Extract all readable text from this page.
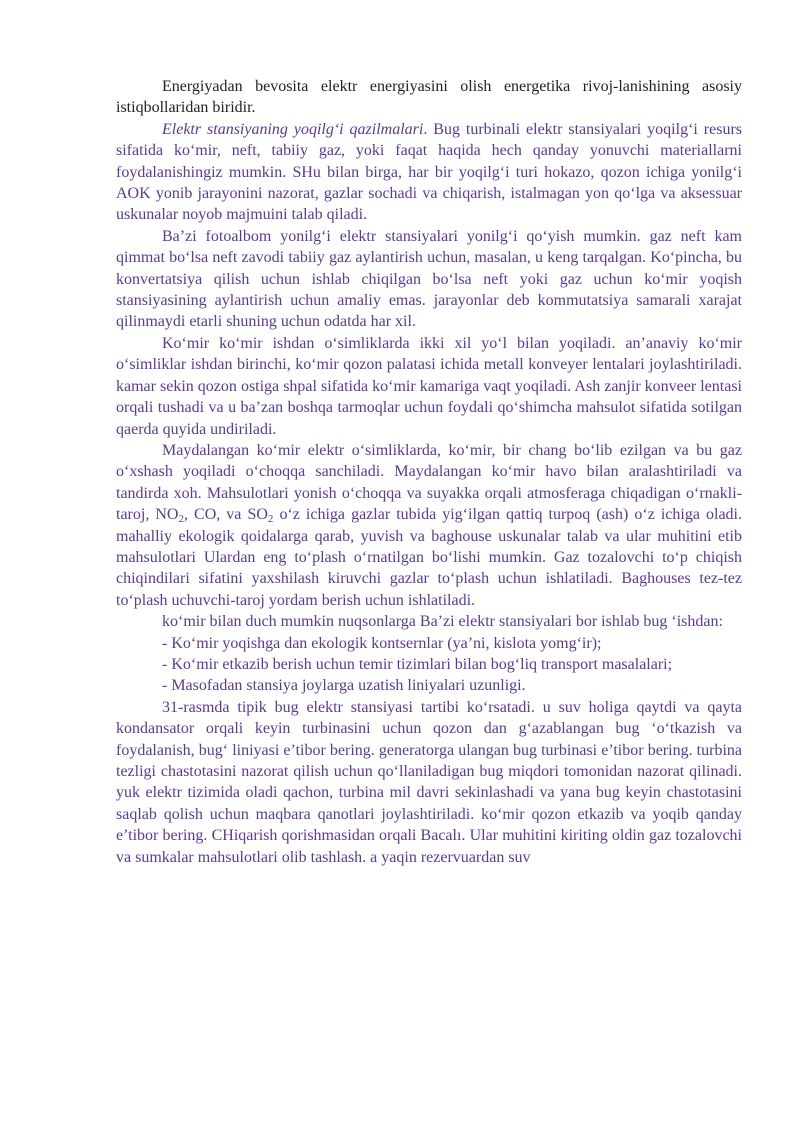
Energiyadan bevosita elektr energiyasini olish energetika rivoj-lanishining asosiy istiqbollaridan biridir.

Elektr stansiyaning yoqilg‘i qazilmalari. Bug turbinali elektr stansiyalari yoqilg‘i resurs sifatida ko‘mir, neft, tabiiy gaz, yoki faqat haqida hech qanday yonuvchi materiallarni foydalanishingiz mumkin. SHu bilan birga, har bir yoqilg‘i turi hokazo, qozon ichiga yonilg‘i AOK yonib jarayonini nazorat, gazlar sochadi va chiqarish, istalmagan yon qo‘lga va aksessuar uskunalar noyob majmuini talab qiladi.

Ba’zi fotoalbom yonilg‘i elektr stansiyalari yonilg‘i qo‘yish mumkin. gaz neft kam qimmat bo‘lsa neft zavodi tabiiy gaz aylantirish uchun, masalan, u keng tarqalgan. Ko‘pincha, bu konvertatsiya qilish uchun ishlab chiqilgan bo‘lsa neft yoki gaz uchun ko‘mir yoqish stansiyasining aylantirish uchun amaliy emas. jarayonlar deb kommutatsiya samarali xarajat qilinmaydi etarli shuning uchun odatda har xil.

Ko‘mir ko‘mir ishdan o‘simliklarda ikki xil yo‘l bilan yoqiladi. an’anaviy ko‘mir o‘simliklar ishdan birinchi, ko‘mir qozon palatasi ichida metall konveyer lentalari joylashtiriladi. kamar sekin qozon ostiga shpal sifatida ko‘mir kamariga vaqt yoqiladi. Ash zanjir konveer lentasi orqali tushadi va u ba’zan boshqa tarmoqlar uchun foydali qo‘shimcha mahsulot sifatida sotilgan qaerda quyida undiriladi.

Maydalangan ko‘mir elektr o‘simliklarda, ko‘mir, bir chang bo‘lib ezilgan va bu gaz o‘xshash yoqiladi o‘choqqa sanchiladi. Maydalangan ko‘mir havo bilan aralashtiriladi va tandirda xoh. Mahsulotlari yonish o‘choqqa va suyakka orqali atmosferaga chiqadigan o‘rnakli-taroj, $NO_2$, CO, va $SO_2$ o‘z ichiga gazlar tubida yig‘ilgan qattiq turpoq (ash) o‘z ichiga oladi. mahalliy ekologik qoidalarga qarab, yuvish va baghouse uskunalar talab va ular muhitini etib mahsulotlari Ulardan eng to‘plash o‘rnatilgan bo‘lishi mumkin. Gaz tozalovchi to‘p chiqish chiqindilari sifatini yaxshilash kiruvchi gazlar to‘plash uchun ishlatiladi. Baghouses tez-tez to‘plash uchuvchi-taroj yordam berish uchun ishlatiladi.

ko‘mir bilan duch mumkin nuqsonlarga Ba’zi elektr stansiyalari bor ishlab bug ‘ishdan:

- Ko‘mir yoqishga dan ekologik kontsernlar (ya’ni, kislota yomg‘ir);

- Ko‘mir etkazib berish uchun temir tizimlari bilan bog‘liq transport masalalari;

- Masofadan stansiya joylarga uzatish liniyalari uzunligi.

31-rasmda tipik bug elektr stansiyasi tartibi ko‘rsatadi. u suv holiga qaytdi va qayta kondansator orqali keyin turbinasini uchun qozon dan g‘azablangan bug ‘o‘tkazish va foydalanish, bug‘ liniyasi e’tibor bering. generatorga ulangan bug turbinasi e’tibor bering. turbina tezligi chastotasini nazorat qilish uchun qo‘llaniladigan bug miqdori tomonidan nazorat qilinadi. yuk elektr tizimida oladi qachon, turbina mil davri sekinlashadi va yana bug keyin chastotasini saqlab qolish uchun maqbara qanotlari joylashtiriladi. ko‘mir qozon etkazib va yoqib qanday e’tibor bering. CHiqarish qorishmasidan orqali Bacalı. Ular muhitini kiriting oldin gaz tozalovchi va sumkalar mahsulotlari olib tashlash. a yaqin rezervuardan suv
